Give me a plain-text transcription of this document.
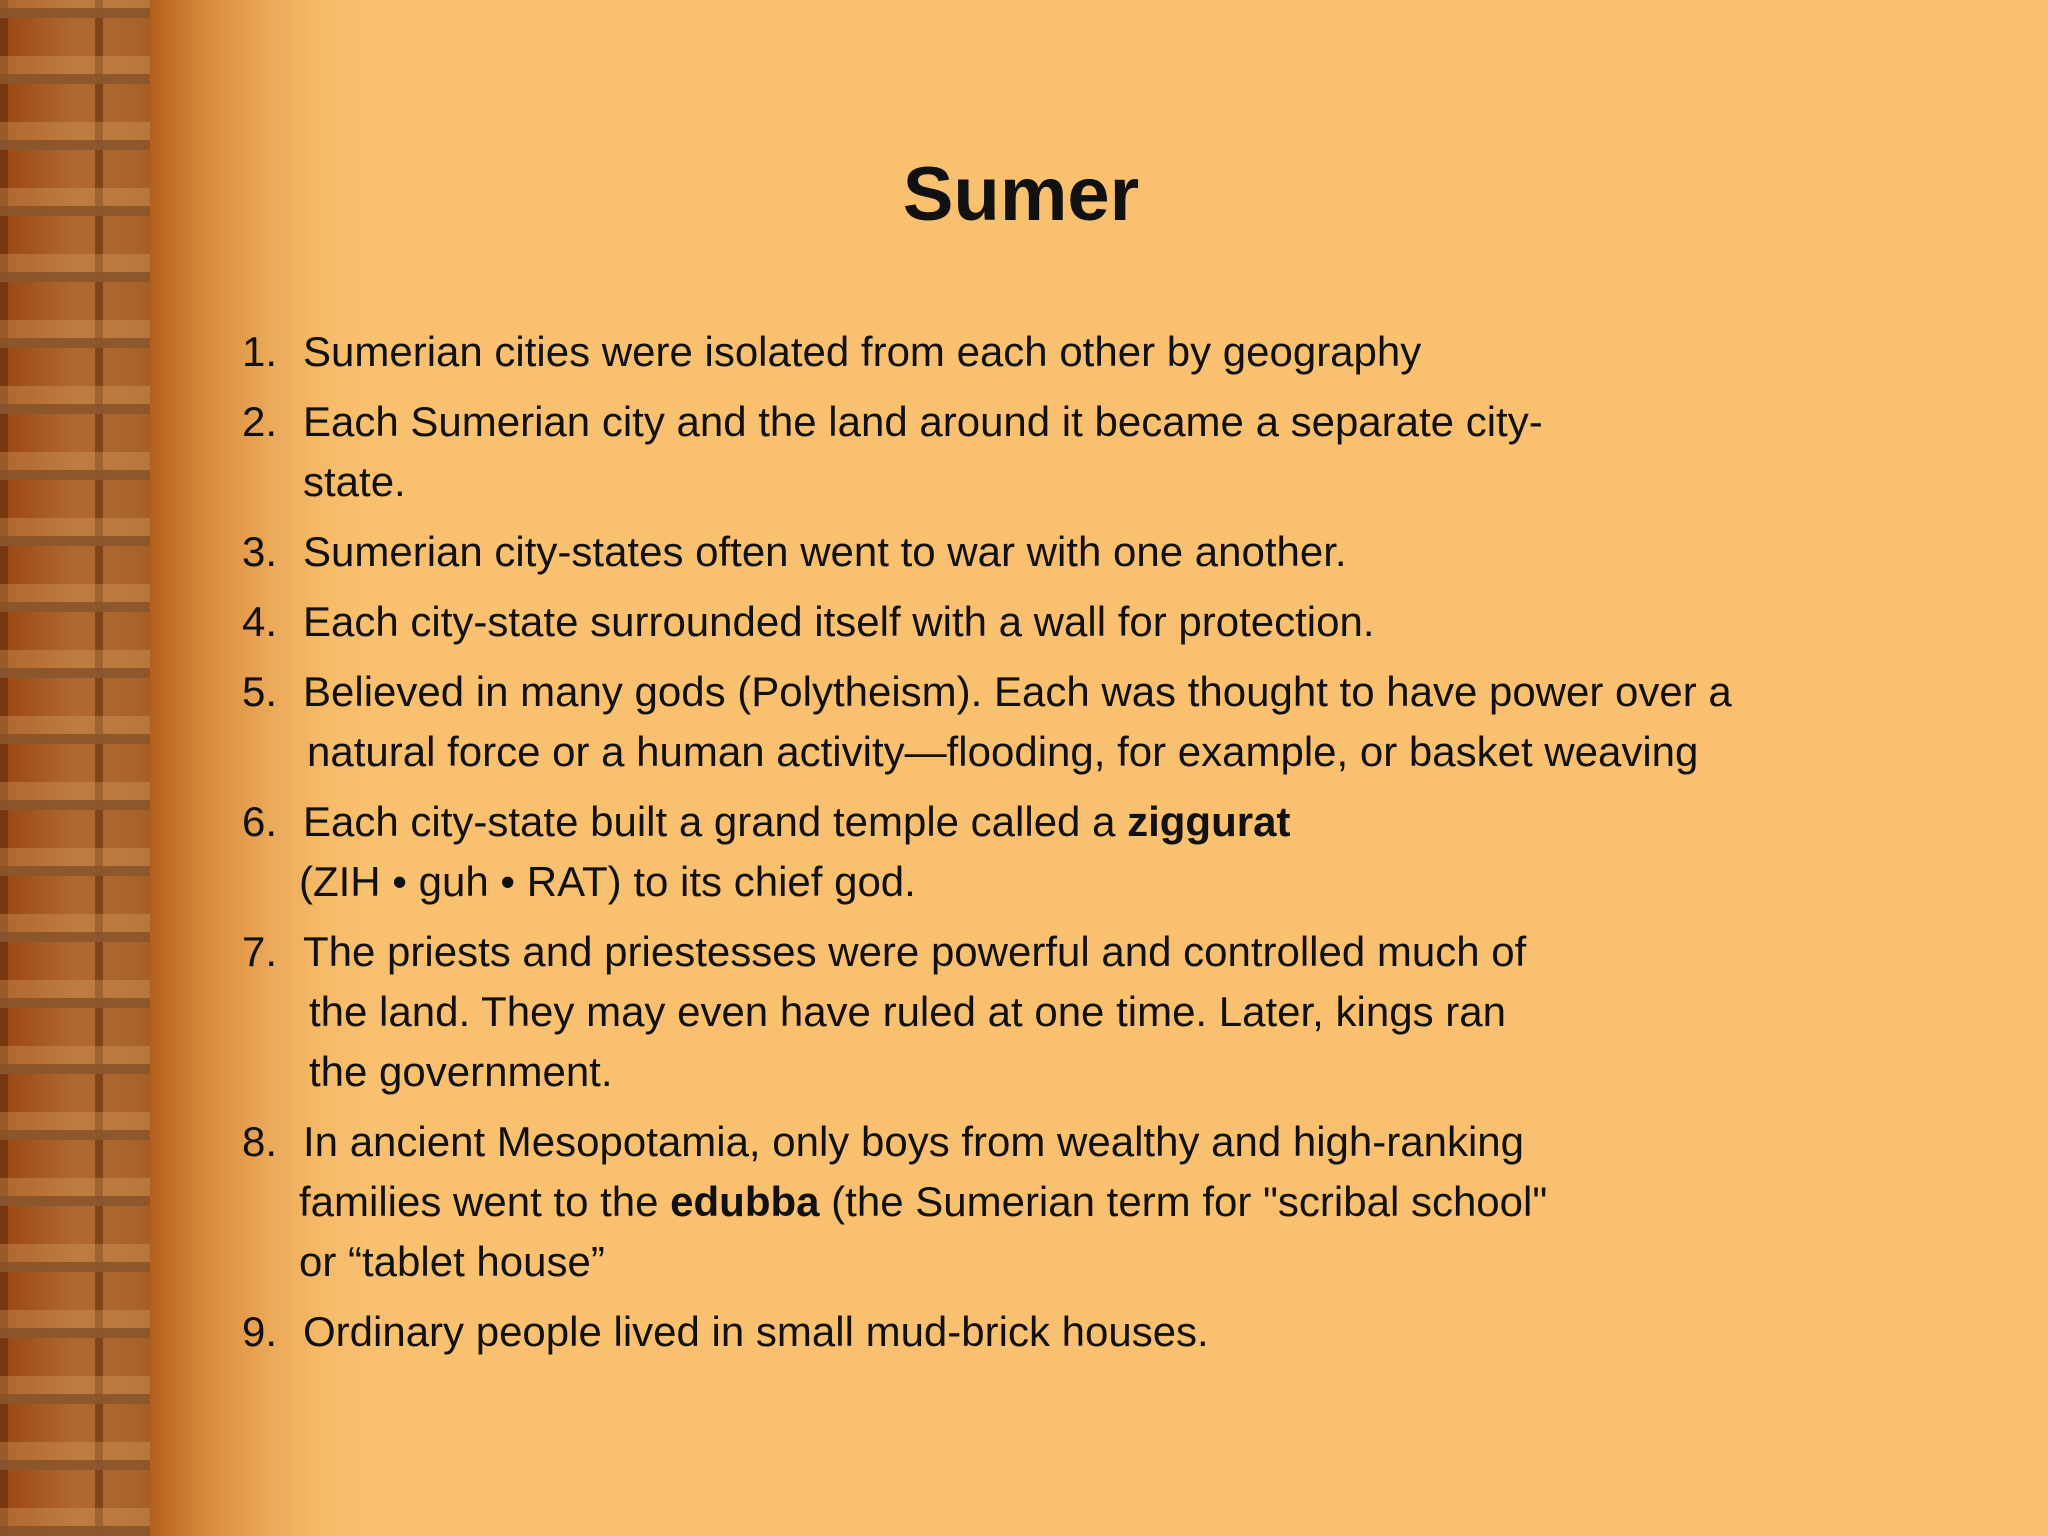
Sumer
1. Sumerian cities were isolated from each other by geography
2. Each Sumerian city and the land around it became a separate city-
state.
3. Sumerian city-states often went to war with one another.
4. Each city-state surrounded itself with a wall for protection.
5. Believed in many gods (Polytheism). Each was thought to have power over a
natural force or a human activity—flooding, for example, or basket weaving
6. Each city-state built a grand temple called a ziggurat
(ZIH • guh • RAT) to its chief god.
7. The priests and priestesses were powerful and controlled much of
the land. They may even have ruled at one time. Later, kings ran
the government.
8. In ancient Mesopotamia, only boys from wealthy and high-ranking
families went to the edubba (the Sumerian term for "scribal school"
or “tablet house”
9. Ordinary people lived in small mud-brick houses.
